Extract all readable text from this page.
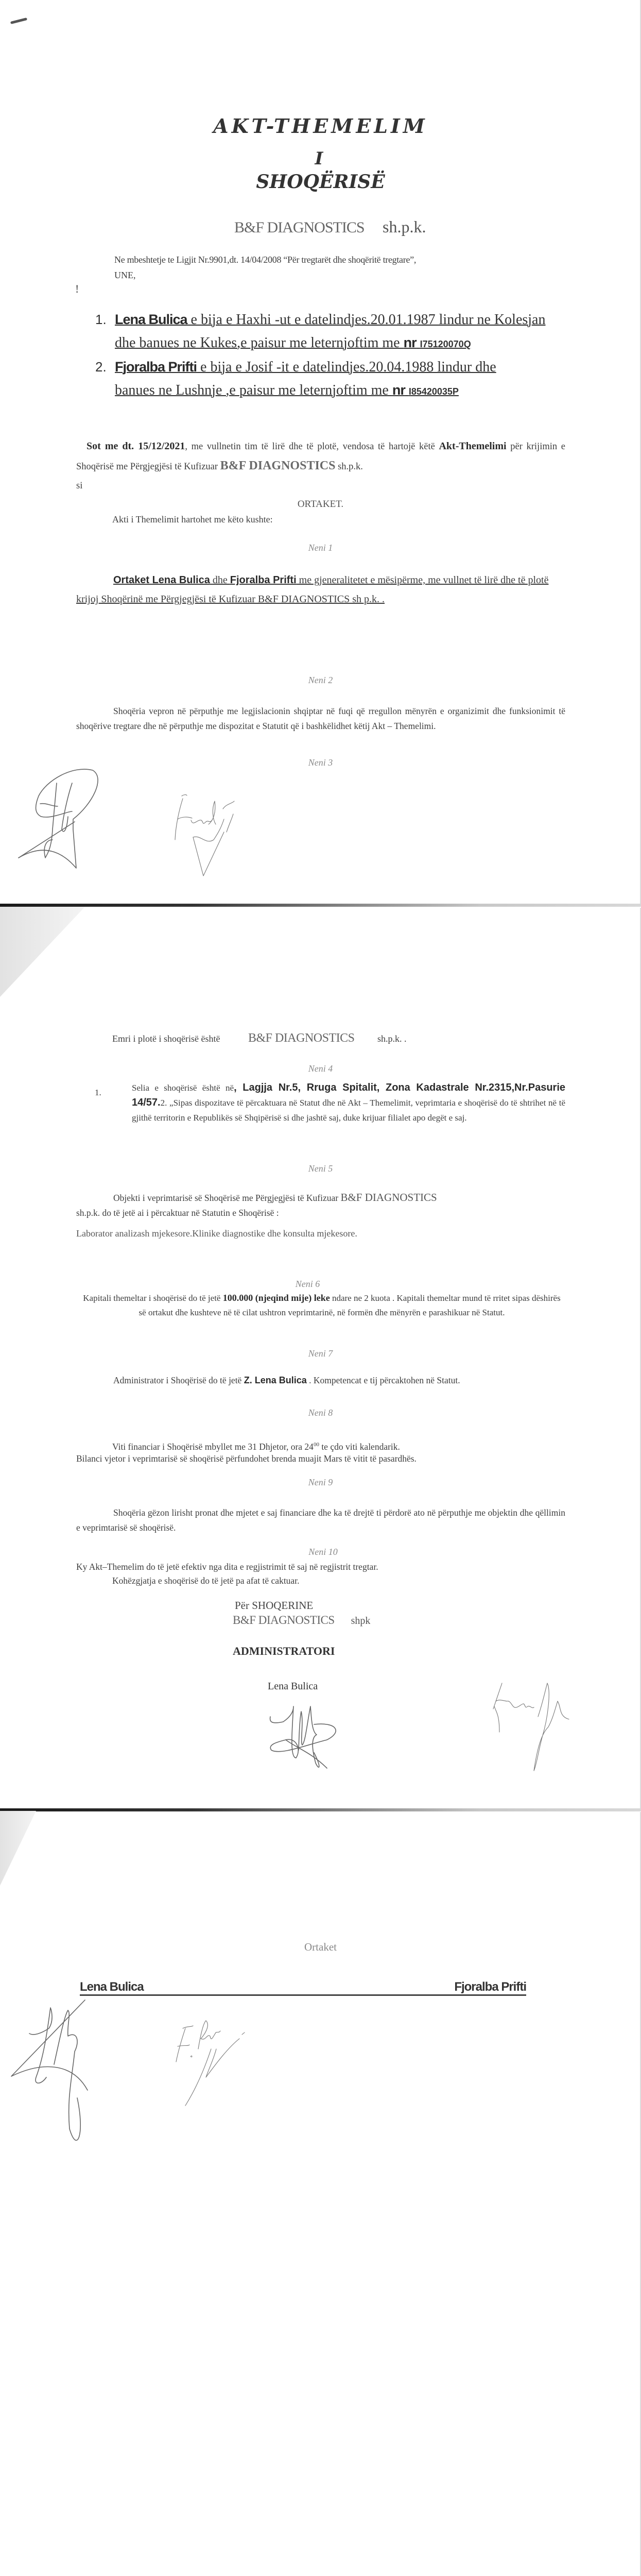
AKT-THEMELIM
I
SHOQËRISË
B&F DIAGNOSTICS sh.p.k.
Ne mbeshtetje te Ligjit Nr.9901,dt. 14/04/2008 “Për tregtarët dhe shoqëritë tregtare”,
UNE,
!
1. Lena Bulica e bija e Haxhi -ut e datelindjes.20.01.1987 lindur ne Kolesjan
dhe banues ne Kukes,e paisur me leternjoftim me nr I75120070Q
2. Fjoralba Prifti e bija e Josif -it e datelindjes.20.04.1988 lindur dhe
banues ne Lushnje ,e paisur me leternjoftim me nr I85420035P
Sot me dt. 15/12/2021, me vullnetin tim të lirë dhe të plotë, vendosa të hartojë këtë Akt-Themelimi për krijimin e Shoqërisë me Përgjegjësi të Kufizuar B&F DIAGNOSTICS sh.p.k.
si
ORTAKET.
Akti i Themelimit hartohet me këto kushte:
Neni 1
Ortaket Lena Bulica dhe Fjoralba Prifti me gjeneralitetet e mësipërme, me vullnet të lirë dhe të plotë krijoj Shoqërinë me Përgjegjësi të Kufizuar B&F DIAGNOSTICS sh p.k. .
Neni 2
Shoqëria vepron në përputhje me legjislacionin shqiptar në fuqi që rregullon mënyrën e organizimit dhe funksionimit të shoqërive tregtare dhe në përputhje me dispozitat e Statutit që i bashkëlidhet këtij Akt – Themelimi.
Neni 3
Emri i plotë i shoqërisë është B&F DIAGNOSTICS sh.p.k. .
Neni 4
1.	Selia e shoqërisë është në, Lagjja Nr.5, Rruga Spitalit, Zona Kadastrale Nr.2315,Nr.Pasurie 14/57.2. „Sipas dispozitave të përcaktuara në Statut dhe në Akt – Themelimit, veprimtaria e shoqërisë do të shtrihet në të gjithë territorin e Republikës së Shqipërisë si dhe jashtë saj, duke krijuar filialet apo degët e saj.
Neni 5
Objekti i veprimtarisë së Shoqërisë me Përgjegjësi të Kufizuar B&F DIAGNOSTICS
sh.p.k. do të jetë ai i përcaktuar në Statutin e Shoqërisë :
Laborator analizash mjekesore.Klinike diagnostike dhe konsulta mjekesore.
Neni 6
Kapitali themeltar i shoqërisë do të jetë 100.000 (njeqind mije) leke ndare ne 2 kuota . Kapitali themeltar mund të rritet sipas dëshirës së ortakut dhe kushteve në të cilat ushtron veprimtarinë, në formën dhe mënyrën e parashikuar në Statut.
Neni 7
Administrator i Shoqërisë do të jetë Z. Lena Bulica . Kompetencat e tij përcaktohen në Statut.
Neni 8
Viti financiar i Shoqërisë mbyllet me 31 Dhjetor, ora $24^{00}$ te çdo viti kalendarik.
Bilanci vjetor i veprimtarisë së shoqërisë përfundohet brenda muajit Mars të vitit të pasardhës.
Neni 9
Shoqëria gëzon lirisht pronat dhe mjetet e saj financiare dhe ka të drejtë ti përdorë ato në përputhje me objektin dhe qëllimin e veprimtarisë së shoqërisë.
Neni 10
Ky Akt–Themelim do të jetë efektiv nga dita e regjistrimit të saj në regjistrit tregtar.
Kohëzgjatja e shoqërisë do të jetë pa afat të caktuar.
Për SHOQERINE
B&F DIAGNOSTICS shpk
ADMINISTRATORI
Lena Bulica
Ortaket
Lena Bulica	Fjoralba Prifti
